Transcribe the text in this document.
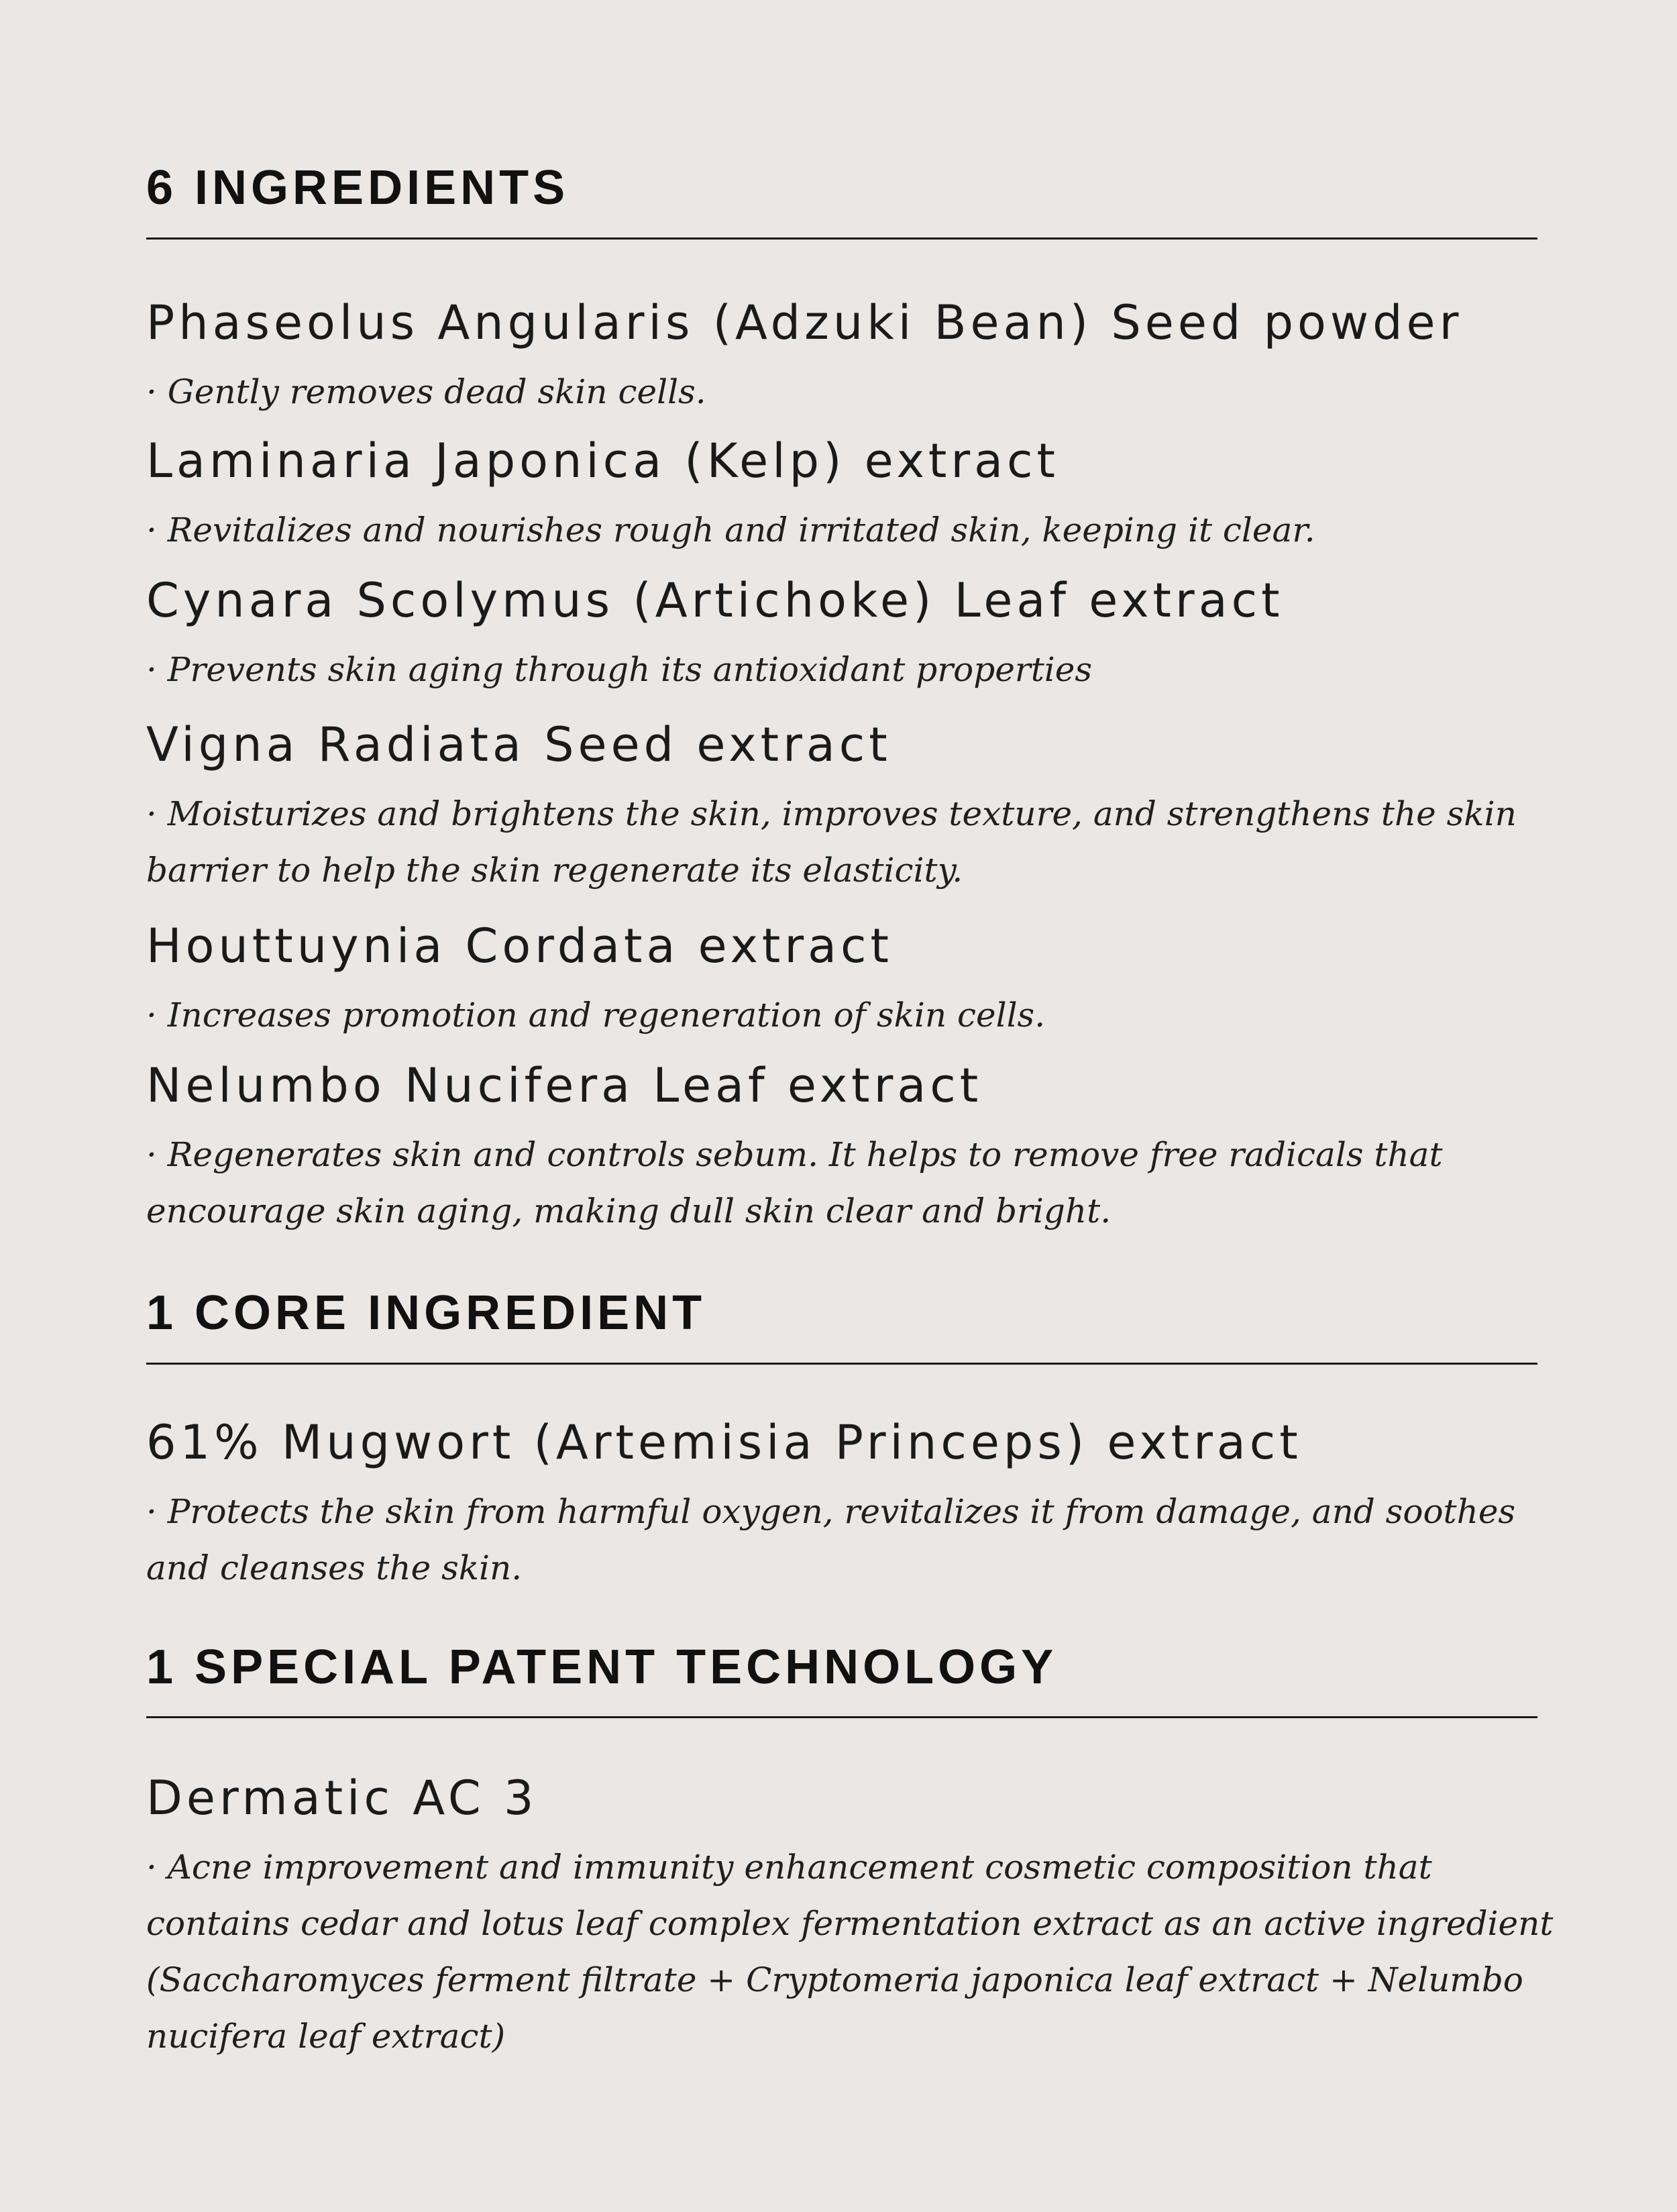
6 INGREDIENTS
Phaseolus Angularis (Adzuki Bean) Seed powder
· Gently removes dead skin cells.
Laminaria Japonica (Kelp) extract
· Revitalizes and nourishes rough and irritated skin, keeping it clear.
Cynara Scolymus (Artichoke) Leaf extract
· Prevents skin aging through its antioxidant properties
Vigna Radiata Seed extract
· Moisturizes and brightens the skin, improves texture, and strengthens the skin barrier to help the skin regenerate its elasticity.
Houttuynia Cordata extract
· Increases promotion and regeneration of skin cells.
Nelumbo Nucifera Leaf extract
· Regenerates skin and controls sebum. It helps to remove free radicals that encourage skin aging, making dull skin clear and bright.
1 CORE INGREDIENT
61% Mugwort (Artemisia Princeps) extract
· Protects the skin from harmful oxygen, revitalizes it from damage, and soothes and cleanses the skin.
1 SPECIAL PATENT TECHNOLOGY
Dermatic AC 3
· Acne improvement and immunity enhancement cosmetic composition that contains cedar and lotus leaf complex fermentation extract as an active ingredient (Saccharomyces ferment filtrate + Cryptomeria japonica leaf extract + Nelumbo nucifera leaf extract)
